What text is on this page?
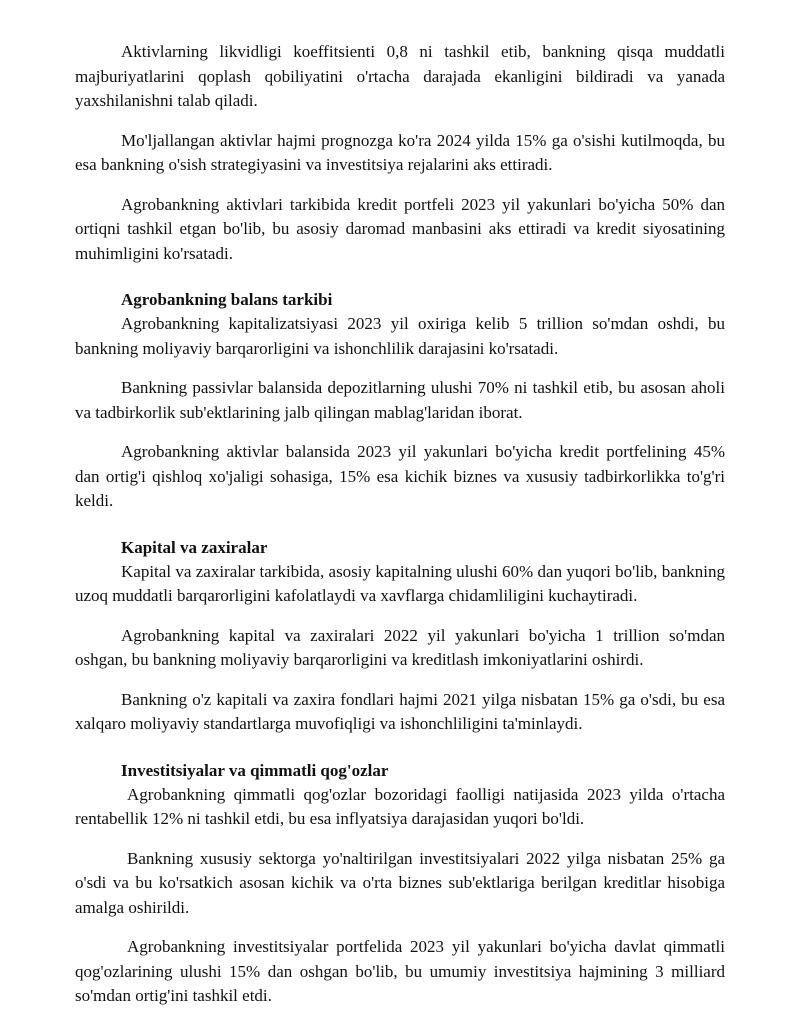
Aktivlarning likvidligi koeffitsienti 0,8 ni tashkil etib, bankning qisqa muddatli majburiyatlarini qoplash qobiliyatini o'rtacha darajada ekanligini bildiradi va yanada yaxshilanishni talab qiladi.

Mo'ljallangan aktivlar hajmi prognozga ko'ra 2024 yilda 15% ga o'sishi kutilmoqda, bu esa bankning o'sish strategiyasini va investitsiya rejalarini aks ettiradi.

Agrobankning aktivlari tarkibida kredit portfeli 2023 yil yakunlari bo'yicha 50% dan ortiqni tashkil etgan bo'lib, bu asosiy daromad manbasini aks ettiradi va kredit siyosatining muhimligini ko'rsatadi.

Agrobankning balans tarkibi

Agrobankning kapitalizatsiyasi 2023 yil oxiriga kelib 5 trillion so'mdan oshdi, bu bankning moliyaviy barqarorligini va ishonchlilik darajasini ko'rsatadi.

Bankning passivlar balansida depozitlarning ulushi 70% ni tashkil etib, bu asosan aholi va tadbirkorlik sub'ektlarining jalb qilingan mablag'laridan iborat.

Agrobankning aktivlar balansida 2023 yil yakunlari bo'yicha kredit portfelining 45% dan ortig'i qishloq xo'jaligi sohasiga, 15% esa kichik biznes va xususiy tadbirkorlikka to'g'ri keldi.

Kapital va zaxiralar

Kapital va zaxiralar tarkibida, asosiy kapitalning ulushi 60% dan yuqori bo'lib, bankning uzoq muddatli barqarorligini kafolatlaydi va xavflarga chidamliligini kuchaytiradi.

Agrobankning kapital va zaxiralari 2022 yil yakunlari bo'yicha 1 trillion so'mdan oshgan, bu bankning moliyaviy barqarorligini va kreditlash imkoniyatlarini oshirdi.

Bankning o'z kapitali va zaxira fondlari hajmi 2021 yilga nisbatan 15% ga o'sdi, bu esa xalqaro moliyaviy standartlarga muvofiqligi va ishonchliligini ta'minlaydi.

Investitsiyalar va qimmatli qog'ozlar

Agrobankning qimmatli qog'ozlar bozoridagi faolligi natijasida 2023 yilda o'rtacha rentabellik 12% ni tashkil etdi, bu esa inflyatsiya darajasidan yuqori bo'ldi.

Bankning xususiy sektorga yo'naltirilgan investitsiyalari 2022 yilga nisbatan 25% ga o'sdi va bu ko'rsatkich asosan kichik va o'rta biznes sub'ektlariga berilgan kreditlar hisobiga amalga oshirildi.

Agrobankning investitsiyalar portfelida 2023 yil yakunlari bo'yicha davlat qimmatli qog'ozlarining ulushi 15% dan oshgan bo'lib, bu umumiy investitsiya hajmining 3 milliard so'mdan ortig'ini tashkil etdi.
